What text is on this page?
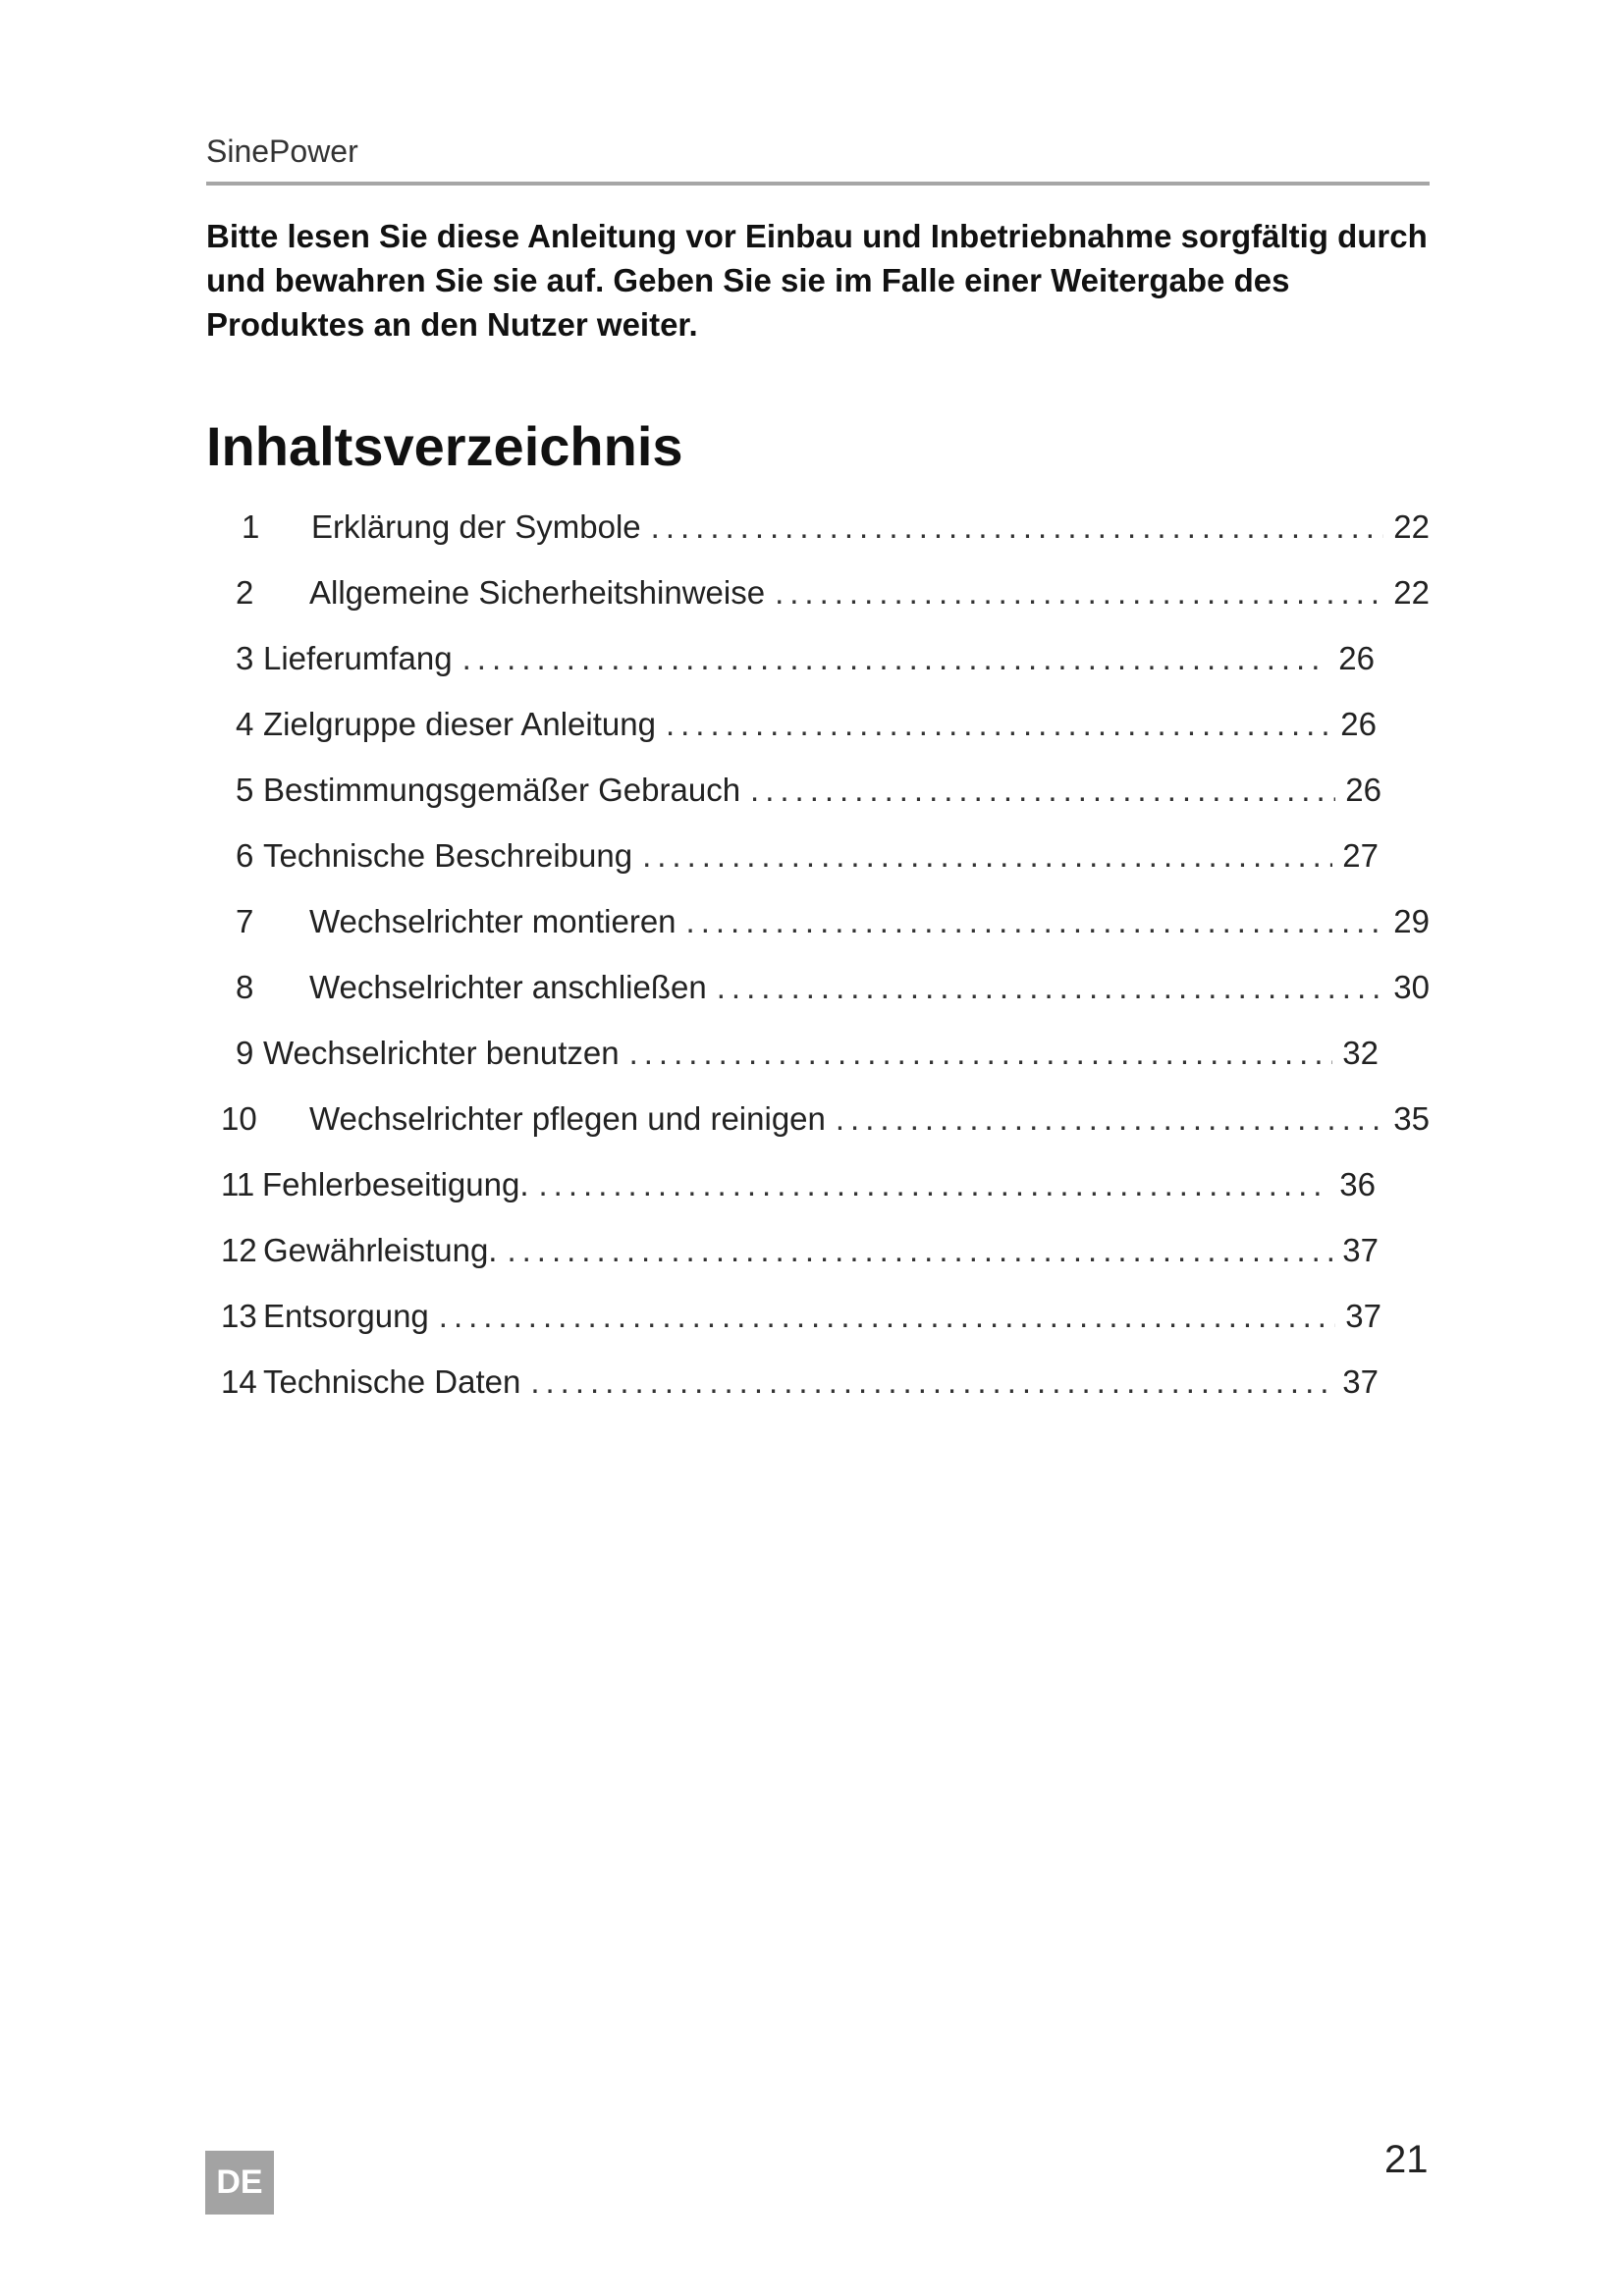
SinePower
Bitte lesen Sie diese Anleitung vor Einbau und Inbetriebnahme sorgfältig durch und bewahren Sie sie auf. Geben Sie sie im Falle einer Weitergabe des Produktes an den Nutzer weiter.
Inhaltsverzeichnis
1	Erklärung der Symbole .....	22
2	Allgemeine Sicherheitshinweise .....	22
3 Lieferumfang .....	26
4 Zielgruppe dieser Anleitung .....	26
5 Bestimmungsgemäßer Gebrauch .....	26
6 Technische Beschreibung .....	27
7	Wechselrichter montieren .....	29
8	Wechselrichter anschließen .....	30
9 Wechselrichter benutzen .....	32
10	Wechselrichter pflegen und reinigen .....	35
11 Fehlerbeseitigung. .....	36
12 Gewährleistung. .....	37
13 Entsorgung .....	37
14 Technische Daten .....	37
21
DE
